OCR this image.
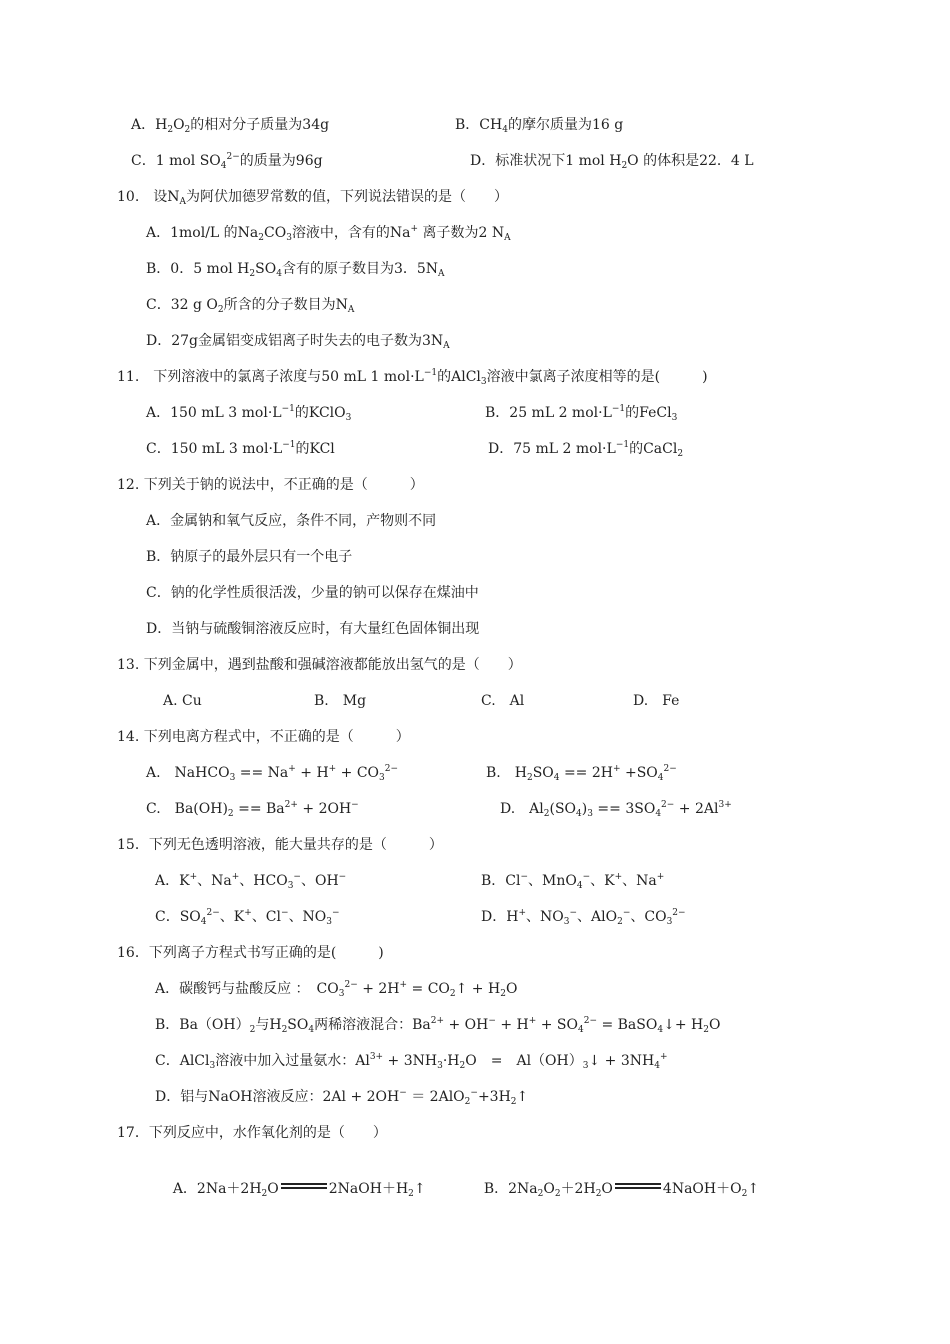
A．$H_2O_2$的相对分子质量为34g	B．$CH_4$的摩尔质量为16 g
C．1 mol $SO_4^{2-}$的质量为96g	D．标准状况下1 mol $H_2O$ 的体积是22．4 L
10.　设$N_A$为阿伏加德罗常数的值，下列说法错误的是（　　）
A．1mol/L 的$Na_2CO_3$溶液中，含有的Na+ 离子数为2 $N_A$
B．0．5 mol $H_2SO_4$含有的原子数目为3．$5N_A$
C．32 g $O_2$所含的分子数目为$N_A$
D．27g金属铝变成铝离子时失去的电子数为$3N_A$
11.　下列溶液中的氯离子浓度与50 mL 1 $mol\cdot L^{-1}$的AlCl$_3$溶液中氯离子浓度相等的是(　　　)
A．150 mL 3 $mol\cdot L^{-1}$的KClO$_3$	B．25 mL 2 $mol\cdot L^{-1}$的FeCl$_3$
C．150 mL 3 $mol\cdot L^{-1}$的KCl	D．75 mL 2 $mol\cdot L^{-1}$的CaCl$_2$
12. 下列关于钠的说法中，不正确的是（　　　）
A．金属钠和氧气反应，条件不同，产物则不同
B．钠原子的最外层只有一个电子
C．钠的化学性质很活泼，少量的钠可以保存在煤油中
D．当钠与硫酸铜溶液反应时，有大量红色固体铜出现
13. 下列金属中，遇到盐酸和强碱溶液都能放出氢气的是（　　）
A. Cu	B.　Mg	C.　Al	D.　Fe
14. 下列电离方程式中，不正确的是（　　　）
A.　NaHCO$_3$ == $Na^+ + H^+ + CO_3^{2-}$	B.　$H_2SO_4 == 2H^+ +SO_4^{2-}$
C.　$Ba(OH)_2 == Ba^{2+} + 2OH^-$	D.　$Al_2(SO_4)_3 == 3SO_4^{2-} + 2Al^{3+}$
15．下列无色透明溶液，能大量共存的是（　　　）
A．K+、Na+、$HCO_3^-$、OH−	B．Cl−、MnO$_4$−、K+、Na+
C．$SO_4^{2-}$、K+、Cl−、$NO_3^-$	D．H+、$NO_3^-$、AlO$_2$−、$CO_3^{2-}$
16．下列离子方程式书写正确的是(　　　)
A．碳酸钙与盐酸反应 ：　$CO_3^{2-} + 2H^+$ = $CO_2↑ + H_2O$
B．$Ba(OH)_2$与$H_2SO_4$两稀溶液混合：$Ba^{2+} + OH^- + H^+ + SO_4^{2-}$ = BaSO$_4$↓+ $H_2O$
C．AlCl$_3$溶液中加入过量氨水：$Al^{3+} + 3NH_3\cdot H_2O$　=　$Al(OH)_3↓ + 3NH_4^+$
D．铝与NaOH溶液反应：$2Al + 2OH^- = 2AlO_2^-+3H_2↑$
17．下列反应中，水作氧化剂的是（　　）

A．$2Na+2H_2O$	$2NaOH+H_2↑$
	B．$2Na_2O_2+2H_2O$	$4NaOH+O_2↑$
